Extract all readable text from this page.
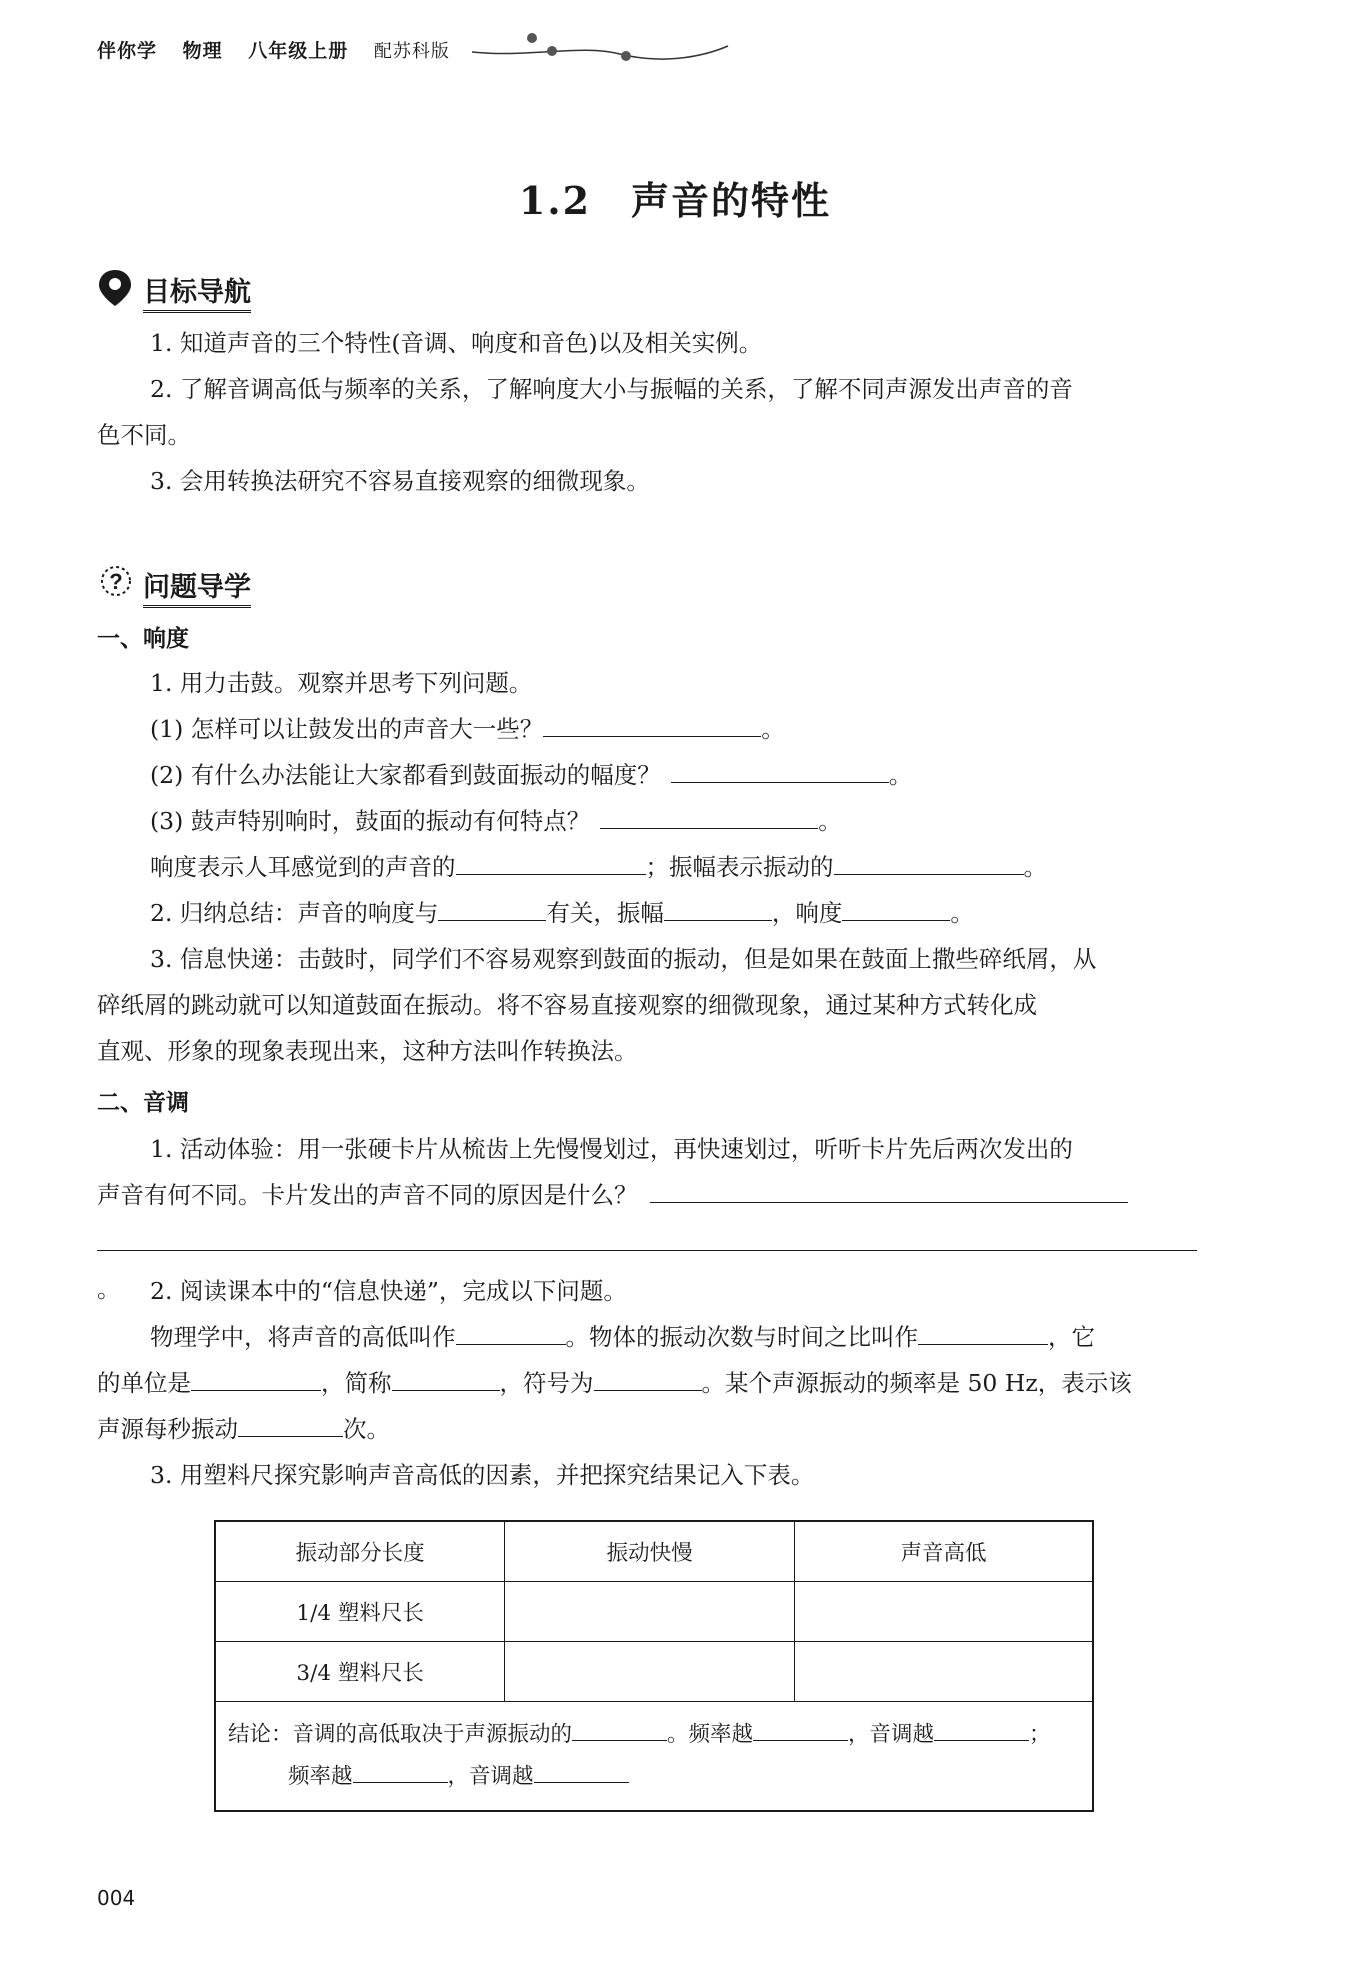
伴你学 物理 八年级上册 配苏科版
1.2 声音的特性
目标导航
1. 知道声音的三个特性(音调、响度和音色)以及相关实例。
2. 了解音调高低与频率的关系，了解响度大小与振幅的关系，了解不同声源发出声音的音
色不同。
3. 会用转换法研究不容易直接观察的细微现象。
? 问题导学
一、响度
1. 用力击鼓。观察并思考下列问题。
(1) 怎样可以让鼓发出的声音大一些？	。
(2) 有什么办法能让大家都看到鼓面振动的幅度？	。
(3) 鼓声特别响时，鼓面的振动有何特点？	。
响度表示人耳感觉到的声音的	；振幅表示振动的	。
2. 归纳总结：声音的响度与	有关，振幅	，响度	。
3. 信息快递：击鼓时，同学们不容易观察到鼓面的振动，但是如果在鼓面上撒些碎纸屑，从
碎纸屑的跳动就可以知道鼓面在振动。将不容易直接观察的细微现象，通过某种方式转化成
直观、形象的现象表现出来，这种方法叫作转换法。
二、音调
1. 活动体验：用一张硬卡片从梳齿上先慢慢划过，再快速划过，听听卡片先后两次发出的
声音有何不同。卡片发出的声音不同的原因是什么？
。	2. 阅读课本中的“信息快递”，完成以下问题。
物理学中，将声音的高低叫作	。物体的振动次数与时间之比叫作	，它
的单位是	，简称	，符号为	。某个声源振动的频率是 50 Hz，表示该
声源每秒振动	次。
3. 用塑料尺探究影响声音高低的因素，并把探究结果记入下表。
振动部分长度	振动快慢	声音高低
1/4 塑料尺长		
3/4 塑料尺长		

结论：音调的高低取决于声源振动的 。频率越 ，音调越 ；
频率越 ，音调越		
004
